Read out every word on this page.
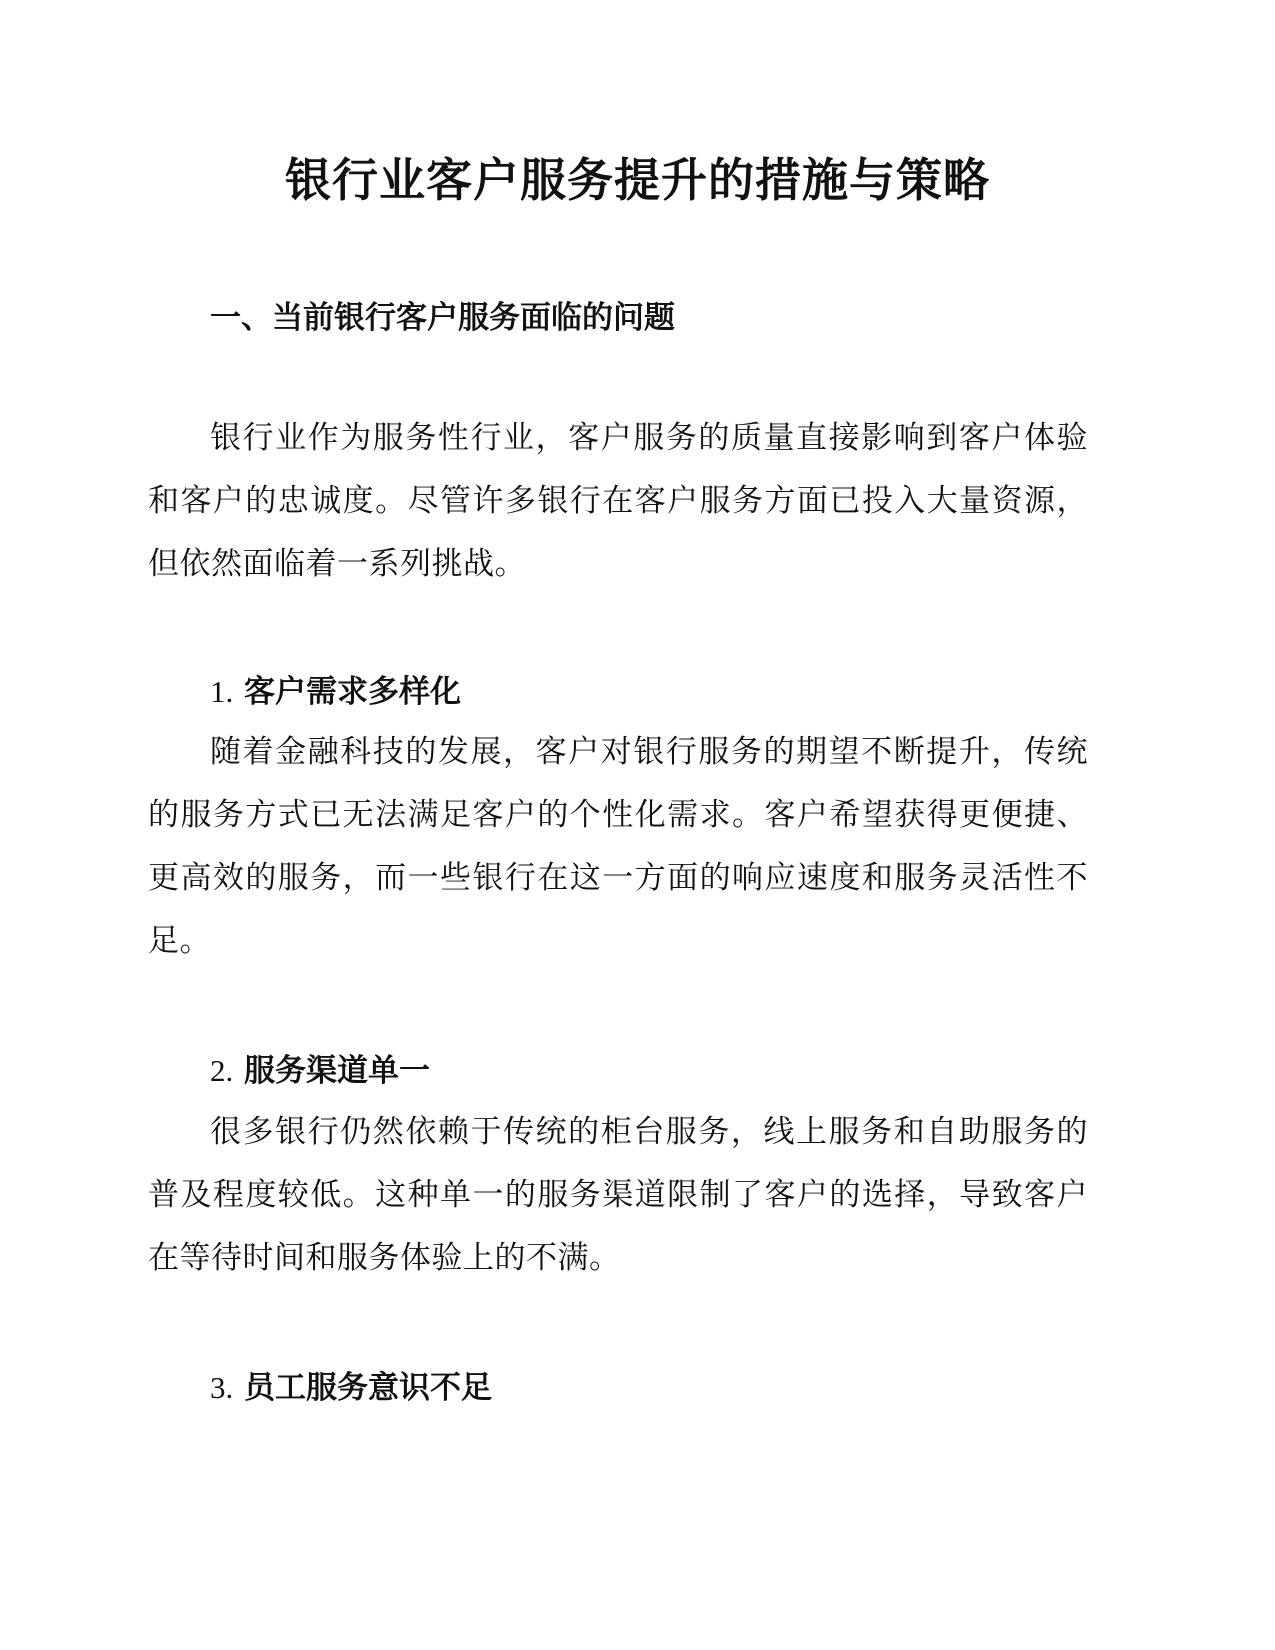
银行业客户服务提升的措施与策略
一、当前银行客户服务面临的问题

银行业作为服务性行业，客户服务的质量直接影响到客户体验和客户的忠诚度。尽管许多银行在客户服务方面已投入大量资源，但依然面临着一系列挑战。

1. 客户需求多样化

随着金融科技的发展，客户对银行服务的期望不断提升，传统的服务方式已无法满足客户的个性化需求。客户希望获得更便捷、更高效的服务，而一些银行在这一方面的响应速度和服务灵活性不足。

2. 服务渠道单一

很多银行仍然依赖于传统的柜台服务，线上服务和自助服务的普及程度较低。这种单一的服务渠道限制了客户的选择，导致客户在等待时间和服务体验上的不满。

3. 员工服务意识不足
